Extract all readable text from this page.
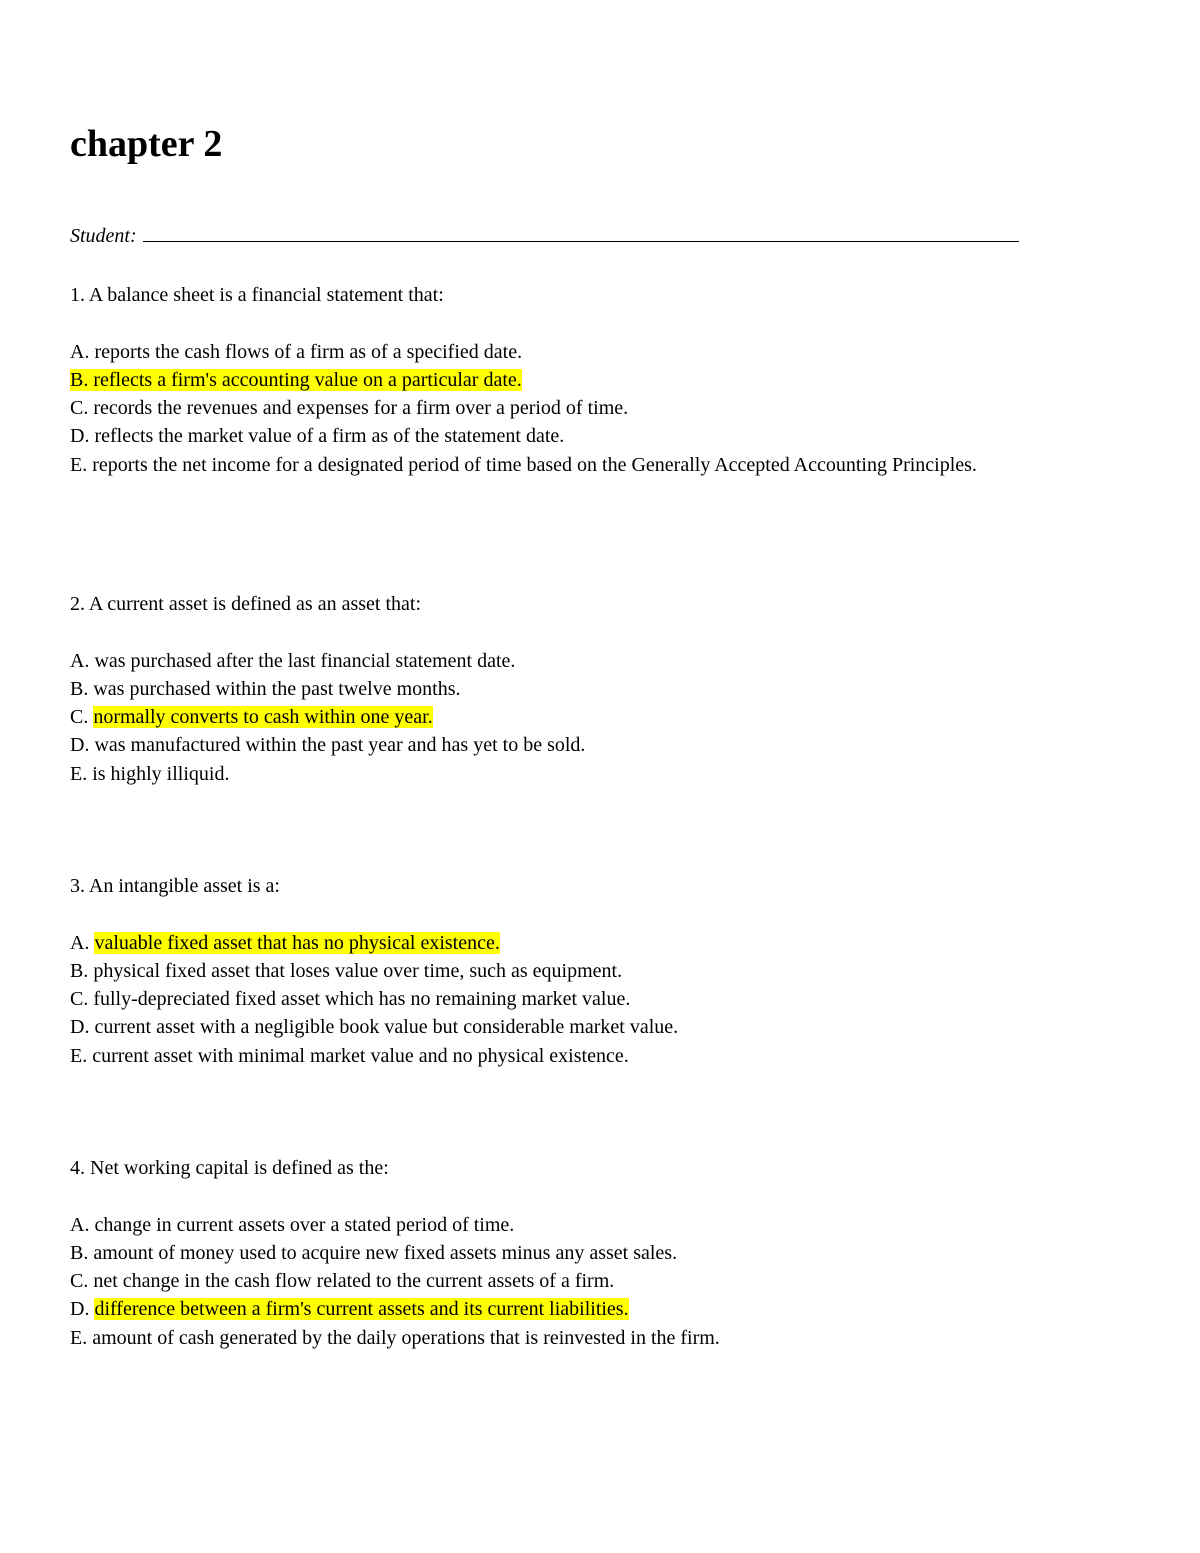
chapter 2
Student:

1. A balance sheet is a financial statement that:

A. reports the cash flows of a firm as of a specified date.

B. reflects a firm's accounting value on a particular date.

C. records the revenues and expenses for a firm over a period of time.

D. reflects the market value of a firm as of the statement date.

E. reports the net income for a designated period of time based on the Generally Accepted Accounting Principles.

2. A current asset is defined as an asset that:

A. was purchased after the last financial statement date.

B. was purchased within the past twelve months.

C. normally converts to cash within one year.

D. was manufactured within the past year and has yet to be sold.

E. is highly illiquid.

3. An intangible asset is a:

A. valuable fixed asset that has no physical existence.

B. physical fixed asset that loses value over time, such as equipment.

C. fully-depreciated fixed asset which has no remaining market value.

D. current asset with a negligible book value but considerable market value.

E. current asset with minimal market value and no physical existence.

4. Net working capital is defined as the:

A. change in current assets over a stated period of time.

B. amount of money used to acquire new fixed assets minus any asset sales.

C. net change in the cash flow related to the current assets of a firm.

D. difference between a firm's current assets and its current liabilities.

E. amount of cash generated by the daily operations that is reinvested in the firm.
